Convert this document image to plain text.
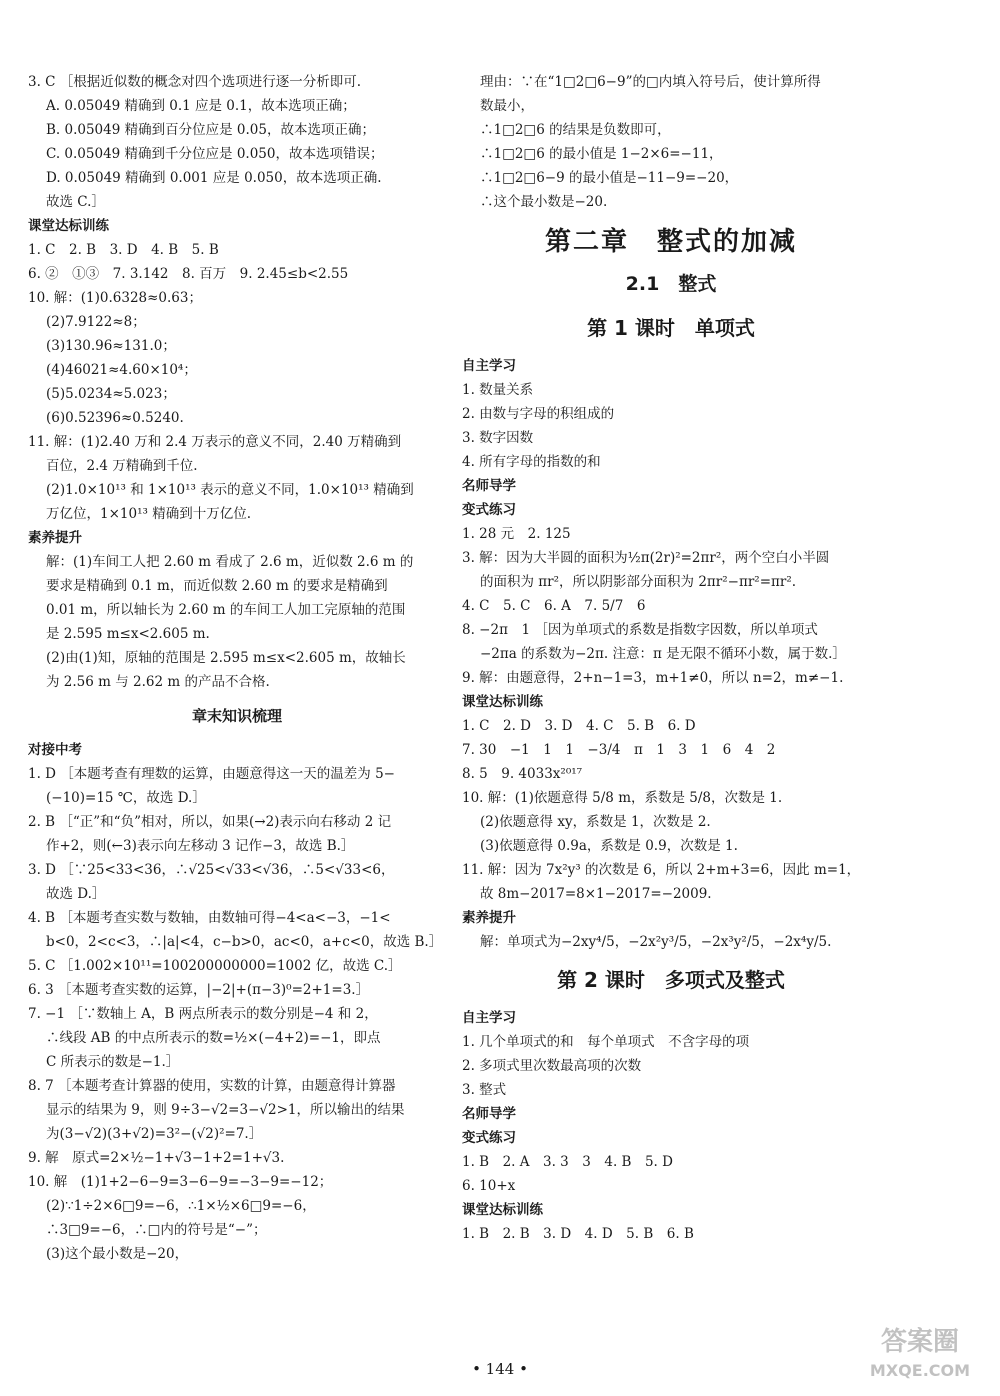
3. C ［根据近似数的概念对四个选项进行逐一分析即可.
A. 0.05049 精确到 0.1 应是 0.1，故本选项正确；
B. 0.05049 精确到百分位应是 0.05，故本选项正确；
C. 0.05049 精确到千分位应是 0.050，故本选项错误；
D. 0.05049 精确到 0.001 应是 0.050，故本选项正确.
故选 C.］
课堂达标训练
1. C　2. B　3. D　4. B　5. B
6. ②　①③　7. 3.142　8. 百万　9. 2.45≤b<2.55
10. 解：(1)0.6328≈0.63；
(2)7.9122≈8；
(3)130.96≈131.0；
(4)46021≈4.60×10⁴；
(5)5.0234≈5.023；
(6)0.52396≈0.5240.
11. 解：(1)2.40 万和 2.4 万表示的意义不同，2.40 万精确到
百位，2.4 万精确到千位.
(2)1.0×10¹³ 和 1×10¹³ 表示的意义不同，1.0×10¹³ 精确到
万亿位，1×10¹³ 精确到十万亿位.
素养提升
解：(1)车间工人把 2.60 m 看成了 2.6 m，近似数 2.6 m 的
要求是精确到 0.1 m，而近似数 2.60 m 的要求是精确到
0.01 m，所以轴长为 2.60 m 的车间工人加工完原轴的范围
是 2.595 m≤x<2.605 m.
(2)由(1)知，原轴的范围是 2.595 m≤x<2.605 m，故轴长
为 2.56 m 与 2.62 m 的产品不合格.
章末知识梳理
对接中考
1. D ［本题考查有理数的运算，由题意得这一天的温差为 5−
(−10)=15 ℃，故选 D.］
2. B ［“正”和“负”相对，所以，如果(→2)表示向右移动 2 记
作+2，则(←3)表示向左移动 3 记作−3，故选 B.］
3. D ［∵25<33<36，∴√25<√33<√36，∴5<√33<6，
故选 D.］
4. B ［本题考查实数与数轴，由数轴可得−4<a<−3，−1<
b<0，2<c<3，∴|a|<4，c−b>0，ac<0，a+c<0，故选 B.］
5. C ［1.002×10¹¹=100200000000=1002 亿，故选 C.］
6. 3 ［本题考查实数的运算，|−2|+(π−3)⁰=2+1=3.］
7. −1 ［∵数轴上 A，B 两点所表示的数分别是−4 和 2，
∴线段 AB 的中点所表示的数=½×(−4+2)=−1，即点
C 所表示的数是−1.］
8. 7 ［本题考查计算器的使用，实数的计算，由题意得计算器
显示的结果为 9，则 9÷3−√2=3−√2>1，所以输出的结果
为(3−√2)(3+√2)=3²−(√2)²=7.］
9. 解　原式=2×½−1+√3−1+2=1+√3.
10. 解　(1)1+2−6−9=3−6−9=−3−9=−12；
(2)∵1÷2×6□9=−6，∴1×½×6□9=−6，
∴3□9=−6，∴□内的符号是“−”；
(3)这个最小数是−20，
理由：∵在“1□2□6−9”的□内填入符号后，使计算所得
数最小，
∴1□2□6 的结果是负数即可，
∴1□2□6 的最小值是 1−2×6=−11，
∴1□2□6−9 的最小值是−11−9=−20，
∴这个最小数是−20.
第二章　整式的加减
2.1　整式
第 1 课时　单项式
自主学习
1. 数量关系
2. 由数与字母的积组成的
3. 数字因数
4. 所有字母的指数的和
名师导学
变式练习
1. 28 元　2. 125
3. 解：因为大半圆的面积为½π(2r)²=2πr²，两个空白小半圆
的面积为 πr²，所以阴影部分面积为 2πr²−πr²=πr².
4. C　5. C　6. A　7. 5/7　6
8. −2π　1 ［因为单项式的系数是指数字因数，所以单项式
−2πa 的系数为−2π. 注意：π 是无限不循环小数，属于数.］
9. 解：由题意得，2+n−1=3，m+1≠0，所以 n=2，m≠−1.
课堂达标训练
1. C　2. D　3. D　4. C　5. B　6. D
7. 30　−1　1　1　−3/4　π　1　3　1　6　4　2
8. 5　9. 4033x²⁰¹⁷
10. 解：(1)依题意得 5/8 m，系数是 5/8，次数是 1.
(2)依题意得 xy，系数是 1，次数是 2.
(3)依题意得 0.9a，系数是 0.9，次数是 1.
11. 解：因为 7x²y³ 的次数是 6，所以 2+m+3=6，因此 m=1，
故 8m−2017=8×1−2017=−2009.
素养提升
解：单项式为−2xy⁴/5，−2x²y³/5，−2x³y²/5，−2x⁴y/5.
第 2 课时　多项式及整式
自主学习
1. 几个单项式的和　每个单项式　不含字母的项
2. 多项式里次数最高项的次数
3. 整式
名师导学
变式练习
1. B　2. A　3. 3　3　4. B　5. D
6. 10+x
课堂达标训练
1. B　2. B　3. D　4. D　5. B　6. B
• 144 •
答案圈
MXQE.COM
